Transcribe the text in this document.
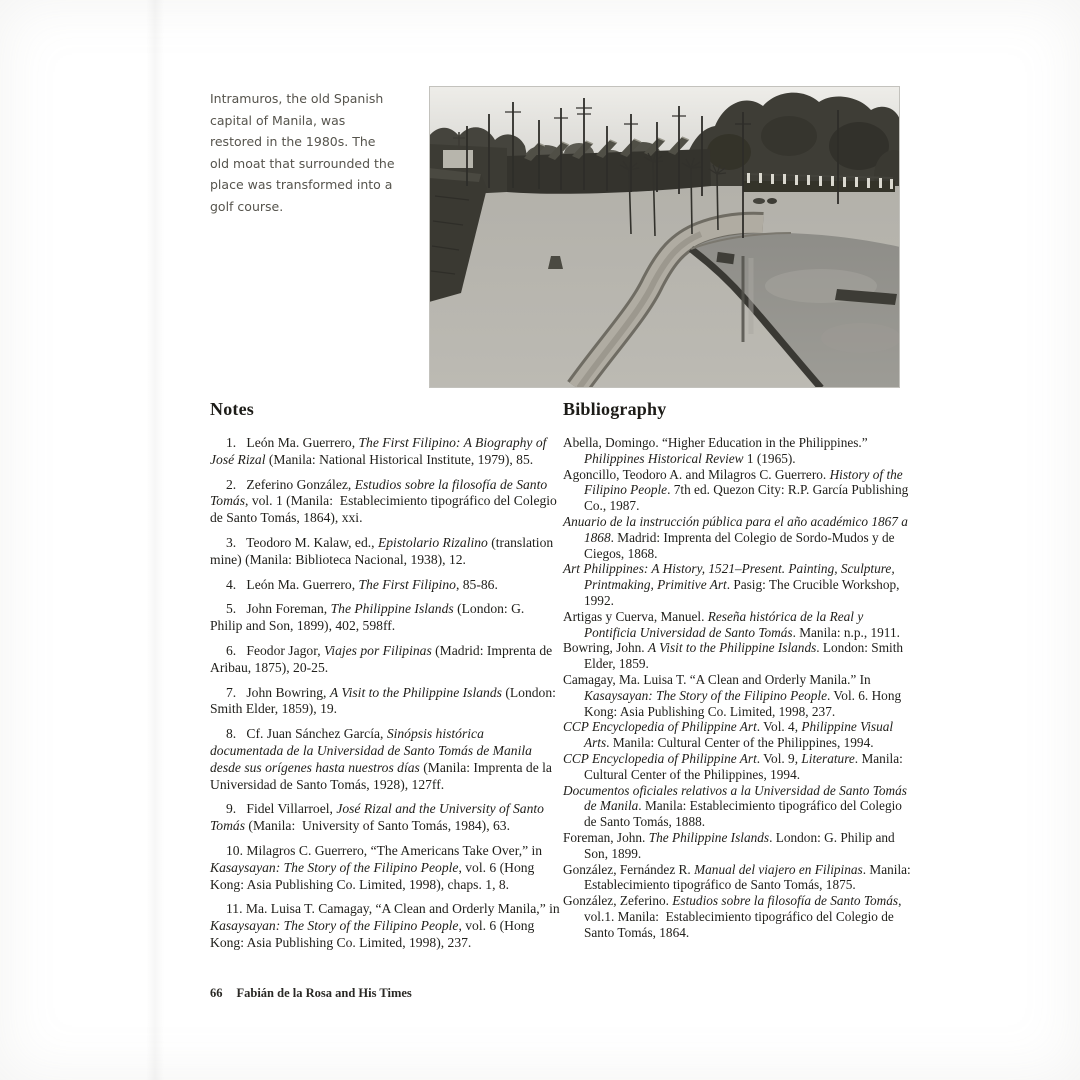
Intramuros, the old Spanish capital of Manila, was restored in the 1980s. The old moat that surrounded the place was transformed into a golf course.

Notes

1.   León Ma. Guerrero, The First Filipino: A Biography of José Rizal (Manila: National Historical Institute, 1979), 85.

2.   Zeferino González, Estudios sobre la filosofía de Santo Tomás, vol. 1 (Manila:  Establecimiento tipográfico del Colegio de Santo Tomás, 1864), xxi.

3.   Teodoro M. Kalaw, ed., Epistolario Rizalino (translation mine) (Manila: Biblioteca Nacional, 1938), 12.

4.   León Ma. Guerrero, The First Filipino, 85-86.

5.   John Foreman, The Philippine Islands (London: G. Philip and Son, 1899), 402, 598ff.

6.   Feodor Jagor, Viajes por Filipinas (Madrid: Imprenta de Aribau, 1875), 20-25.

7.   John Bowring, A Visit to the Philippine Islands (London: Smith Elder, 1859), 19.

8.   Cf. Juan Sánchez García, Sinópsis histórica documentada de la Universidad de Santo Tomás de Manila desde sus orígenes hasta nuestros días (Manila: Imprenta de la Universidad de Santo Tomás, 1928), 127ff.

9.   Fidel Villarroel, José Rizal and the University of Santo Tomás (Manila:  University of Santo Tomás, 1984), 63.

10. Milagros C. Guerrero, “The Americans Take Over,” in Kasaysayan: The Story of the Filipino People, vol. 6 (Hong Kong: Asia Publishing Co. Limited, 1998), chaps. 1, 8.

11. Ma. Luisa T. Camagay, “A Clean and Orderly Manila,” in Kasaysayan: The Story of the Filipino People, vol. 6 (Hong Kong: Asia Publishing Co. Limited, 1998), 237.

Bibliography

Abella, Domingo. “Higher Education in the Philippines.” Philippines Historical Review 1 (1965).

Agoncillo, Teodoro A. and Milagros C. Guerrero. History of the Filipino People. 7th ed. Quezon City: R.P. García Publishing Co., 1987.

Anuario de la instrucción pública para el año académico 1867 a 1868. Madrid: Imprenta del Colegio de Sordo-Mudos y de Ciegos, 1868.

Art Philippines: A History, 1521–Present. Painting, Sculpture, Printmaking, Primitive Art. Pasig: The Crucible Workshop, 1992.

Artigas y Cuerva, Manuel. Reseña histórica de la Real y Pontificia Universidad de Santo Tomás. Manila: n.p., 1911.

Bowring, John. A Visit to the Philippine Islands. London: Smith Elder, 1859.

Camagay, Ma. Luisa T. “A Clean and Orderly Manila.” In Kasaysayan: The Story of the Filipino People. Vol. 6. Hong Kong: Asia Publishing Co. Limited, 1998, 237.

CCP Encyclopedia of Philippine Art. Vol. 4, Philippine Visual Arts. Manila: Cultural Center of the Philippines, 1994.

CCP Encyclopedia of Philippine Art. Vol. 9, Literature. Manila:  Cultural Center of the Philippines, 1994.

Documentos oficiales relativos a la Universidad de Santo Tomás de Manila. Manila: Establecimiento tipográfico del Colegio de Santo Tomás, 1888.

Foreman, John. The Philippine Islands. London: G. Philip and Son, 1899.

González, Fernández R. Manual del viajero en Filipinas. Manila: Establecimiento tipográfico de Santo Tomás, 1875.

González, Zeferino. Estudios sobre la filosofía de Santo Tomás, vol.1. Manila:  Establecimiento tipográfico del Colegio de Santo Tomás, 1864.

66 Fabián de la Rosa and His Times
